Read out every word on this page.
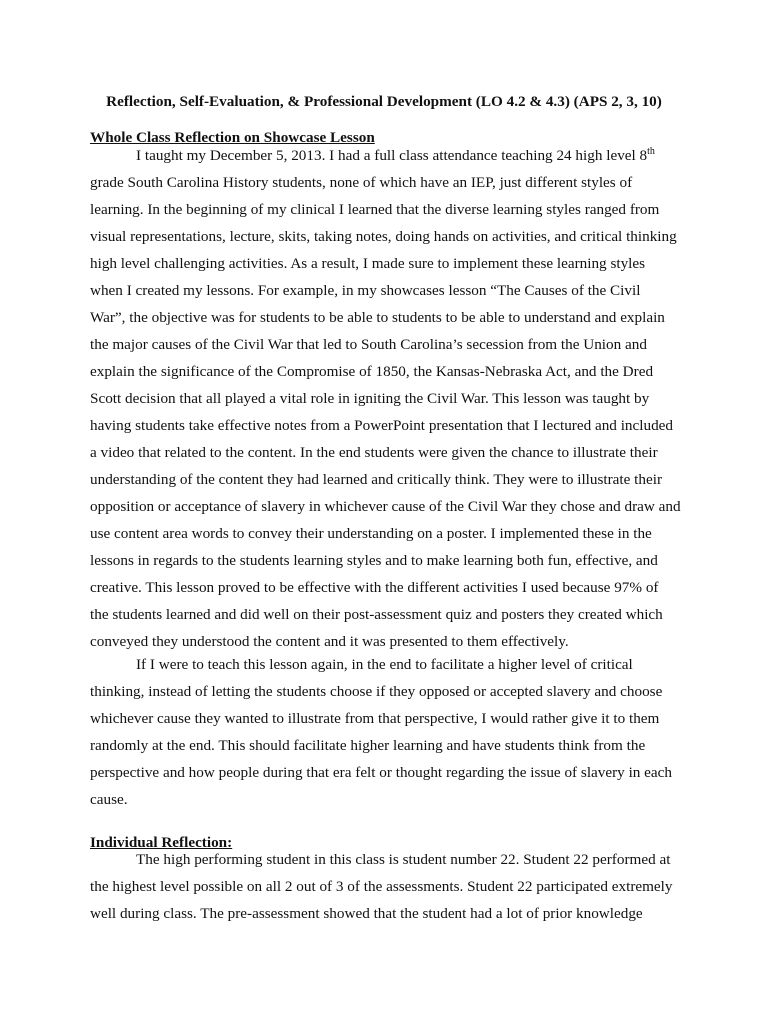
Reflection, Self-Evaluation, & Professional Development (LO 4.2 & 4.3) (APS 2, 3, 10)
Whole Class Reflection on Showcase Lesson
I taught my December 5, 2013. I had a full class attendance teaching 24 high level 8th
grade South Carolina History students, none of which have an IEP, just different styles of
learning. In the beginning of my clinical I learned that the diverse learning styles ranged from
visual representations, lecture, skits, taking notes, doing hands on activities, and critical thinking
high level challenging activities. As a result, I made sure to implement these learning styles
when I created my lessons. For example, in my showcases lesson “The Causes of the Civil
War”, the objective was for students to be able to students to be able to understand and explain
the major causes of the Civil War that led to South Carolina’s secession from the Union and
explain the significance of the Compromise of 1850, the Kansas-Nebraska Act, and the Dred
Scott decision that all played a vital role in igniting the Civil War. This lesson was taught by
having students take effective notes from a PowerPoint presentation that I lectured and included
a video that related to the content. In the end students were given the chance to illustrate their
understanding of the content they had learned and critically think. They were to illustrate their
opposition or acceptance of slavery in whichever cause of the Civil War they chose and draw and
use content area words to convey their understanding on a poster. I implemented these in the
lessons in regards to the students learning styles and to make learning both fun, effective, and
creative. This lesson proved to be effective with the different activities I used because 97% of
the students learned and did well on their post-assessment quiz and posters they created which
conveyed they understood the content and it was presented to them effectively.
If I were to teach this lesson again, in the end to facilitate a higher level of critical
thinking, instead of letting the students choose if they opposed or accepted slavery and choose
whichever cause they wanted to illustrate from that perspective, I would rather give it to them
randomly at the end. This should facilitate higher learning and have students think from the
perspective and how people during that era felt or thought regarding the issue of slavery in each
cause.
Individual Reflection:
The high performing student in this class is student number 22. Student 22 performed at
the highest level possible on all 2 out of 3 of the assessments. Student 22 participated extremely
well during class. The pre-assessment showed that the student had a lot of prior knowledge
